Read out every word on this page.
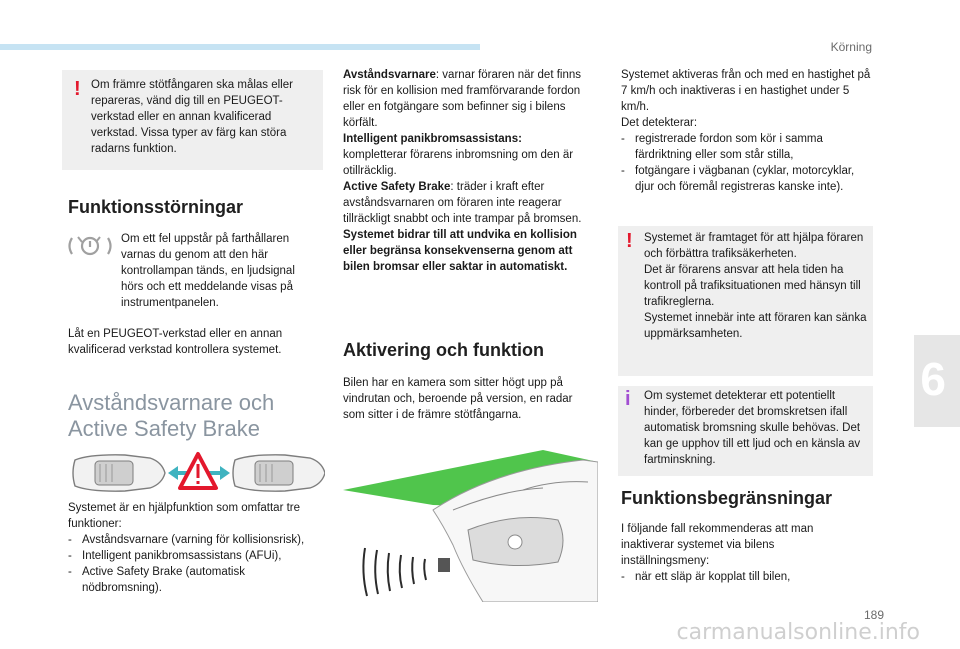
Körning
6
189
! Om främre stötfångaren ska målas eller repareras, vänd dig till en PEUGEOT-verkstad eller en annan kvalificerad verkstad. Vissa typer av färg kan störa radarns funktion.
Funktionsstörningar
Om ett fel uppstår på farthållaren varnas du genom att den här kontrollampan tänds, en ljudsignal hörs och ett meddelande visas på instrumentpanelen.
Låt en PEUGEOT-verkstad eller en annan kvalificerad verkstad kontrollera systemet.
Avståndsvarnare och
Active Safety Brake
Systemet är en hjälpfunktion som omfattar tre funktioner:
- Avståndsvarnare (varning för kollisionsrisk),
- Intelligent panikbromsassistans (AFUi),
- Active Safety Brake (automatisk nödbromsning).
Avståndsvarnare: varnar föraren när det finns risk för en kollision med framförvarande fordon eller en fotgängare som befinner sig i bilens körfält.
Intelligent panikbromsassistans:
kompletterar förarens inbromsning om den är otillräcklig.
Active Safety Brake: träder i kraft efter avståndsvarnaren om föraren inte reagerar tillräckligt snabbt och inte trampar på bromsen.
Systemet bidrar till att undvika en kollision eller begränsa konsekvenserna genom att bilen bromsar eller saktar in automatiskt.
Aktivering och funktion
Bilen har en kamera som sitter högt upp på vindrutan och, beroende på version, en radar som sitter i de främre stötfångarna.
Systemet aktiveras från och med en hastighet på 7 km/h och inaktiveras i en hastighet under 5 km/h.
Det detekterar:
- registrerade fordon som kör i samma färdriktning eller som står stilla,
- fotgängare i vägbanan (cyklar, motorcyklar, djur och föremål registreras kanske inte).
! Systemet är framtaget för att hjälpa föraren och förbättra trafiksäkerheten.
Det är förarens ansvar att hela tiden ha kontroll på trafiksituationen med hänsyn till trafikreglerna.
Systemet innebär inte att föraren kan sänka uppmärksamheten.
i Om systemet detekterar ett potentiellt hinder, förbereder det bromskretsen ifall automatisk bromsning skulle behövas. Det kan ge upphov till ett ljud och en känsla av fartminskning.
Funktionsbegränsningar
I följande fall rekommenderas att man inaktiverar systemet via bilens inställningsmeny:
- när ett släp är kopplat till bilen,
carmanualsonline.info
